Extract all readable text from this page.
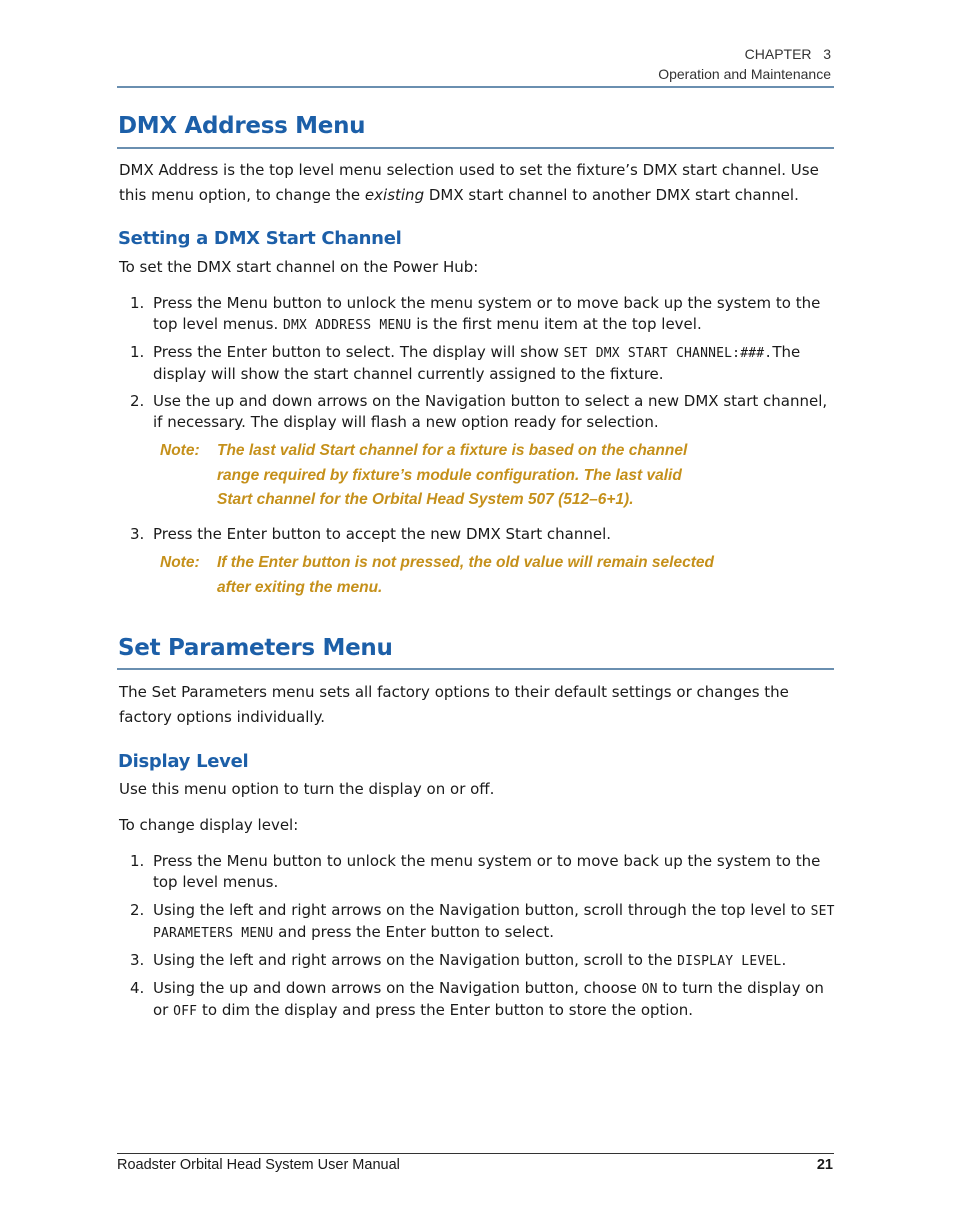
CHAPTER   3
Operation and Maintenance
DMX Address Menu
DMX Address is the top level menu selection used to set the fixture’s DMX start channel. Use this menu option, to change the existing DMX start channel to another DMX start channel.
Setting a DMX Start Channel
To set the DMX start channel on the Power Hub:
1. Press the Menu button to unlock the menu system or to move back up the system to the top level menus. DMX ADDRESS MENU is the first menu item at the top level.
1. Press the Enter button to select. The display will show SET DMX START CHANNEL:###.The display will show the start channel currently assigned to the fixture.
2. Use the up and down arrows on the Navigation button to select a new DMX start channel, if necessary. The display will flash a new option ready for selection.
Note: The last valid Start channel for a fixture is based on the channel range required by fixture’s module configuration. The last valid Start channel for the Orbital Head System 507 (512–6+1).
3. Press the Enter button to accept the new DMX Start channel.
Note: If the Enter button is not pressed, the old value will remain selected after exiting the menu.
Set Parameters Menu
The Set Parameters menu sets all factory options to their default settings or changes the factory options individually.
Display Level
Use this menu option to turn the display on or off.
To change display level:
1. Press the Menu button to unlock the menu system or to move back up the system to the top level menus.
2. Using the left and right arrows on the Navigation button, scroll through the top level to SET PARAMETERS MENU and press the Enter button to select.
3. Using the left and right arrows on the Navigation button, scroll to the DISPLAY LEVEL.
4. Using the up and down arrows on the Navigation button, choose ON to turn the display on or OFF to dim the display and press the Enter button to store the option.
Roadster Orbital Head System User Manual	21
